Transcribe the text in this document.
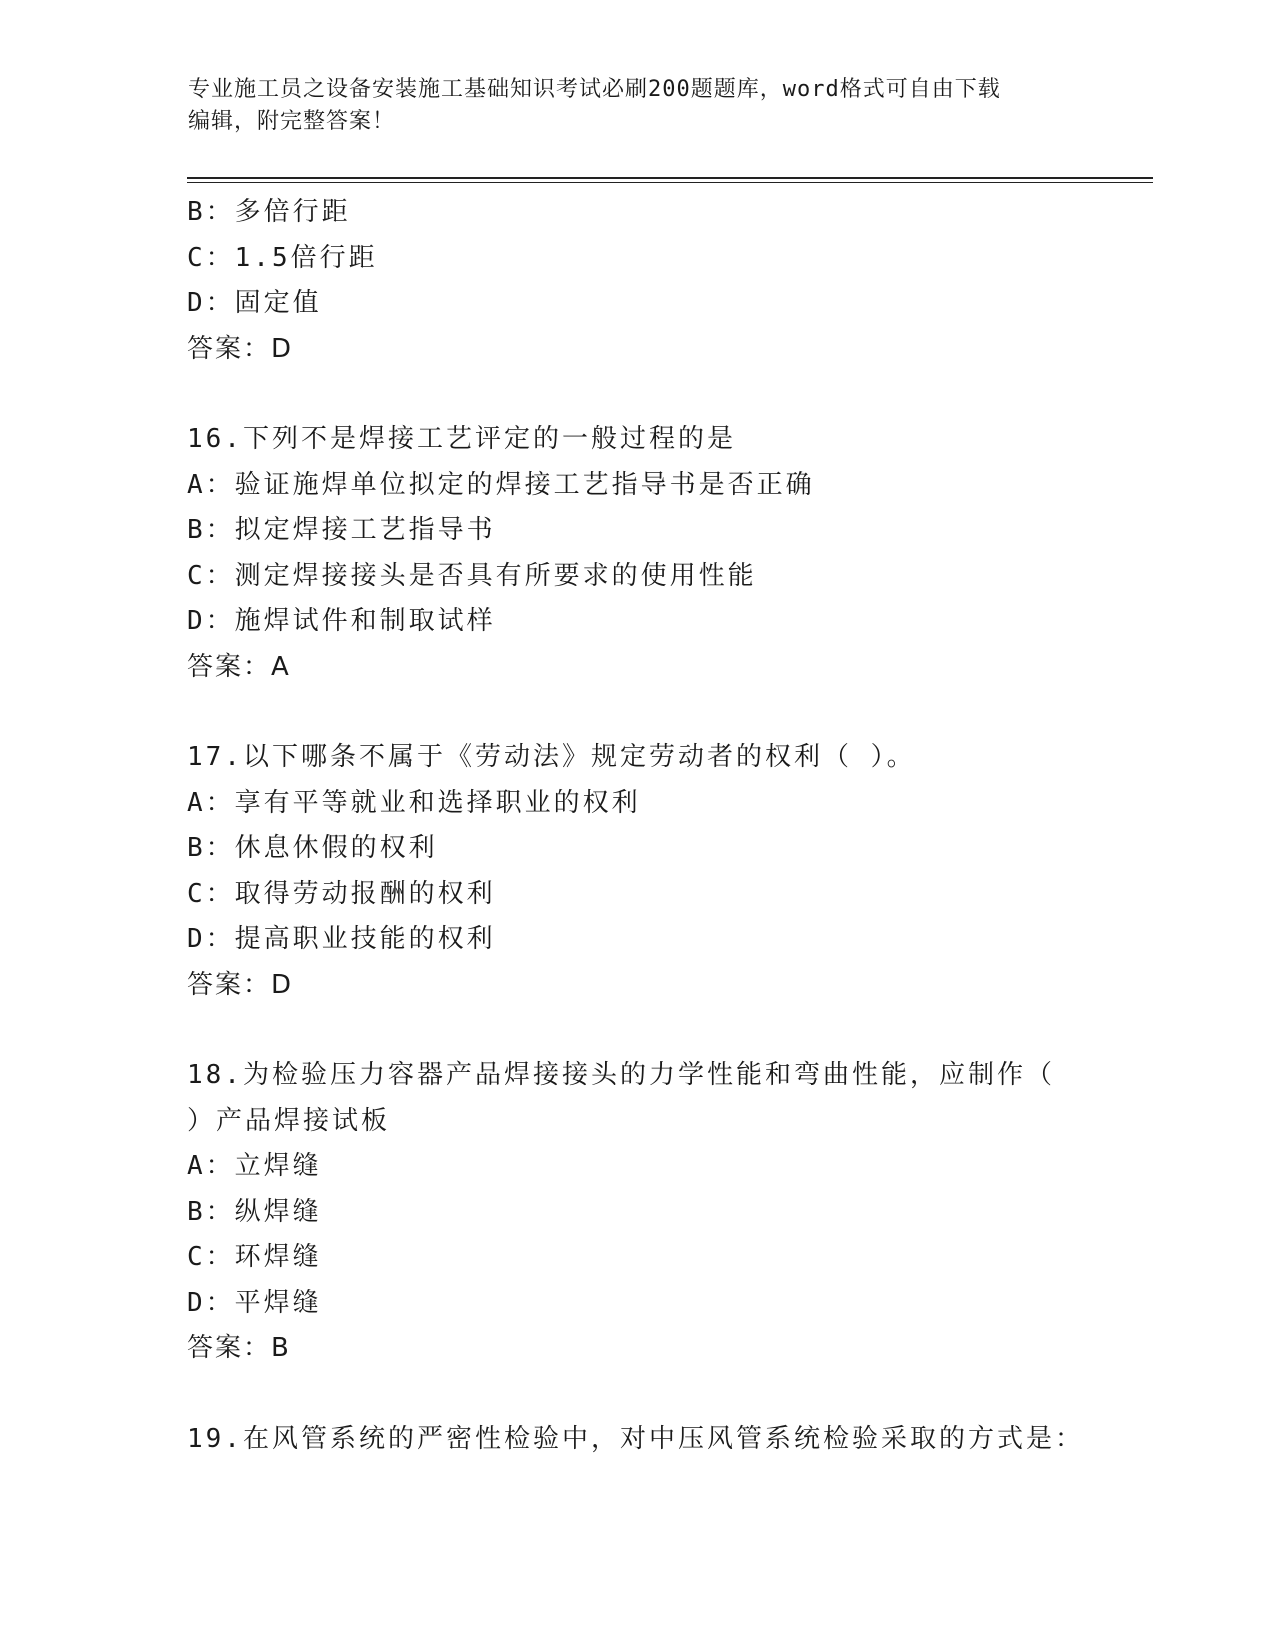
专业施工员之设备安装施工基础知识考试必刷200题题库，word格式可自由下载
编辑，附完整答案！
B：多倍行距
C：1.5倍行距
D：固定值
答案：D
16.下列不是焊接工艺评定的一般过程的是
A：验证施焊单位拟定的焊接工艺指导书是否正确
B：拟定焊接工艺指导书
C：测定焊接接头是否具有所要求的使用性能
D：施焊试件和制取试样
答案：A
17.以下哪条不属于《劳动法》规定劳动者的权利（ ）。
A：享有平等就业和选择职业的权利
B：休息休假的权利
C：取得劳动报酬的权利
D：提高职业技能的权利
答案：D
18.为检验压力容器产品焊接接头的力学性能和弯曲性能，应制作（
）产品焊接试板
A：立焊缝
B：纵焊缝
C：环焊缝
D：平焊缝
答案：B
19.在风管系统的严密性检验中，对中压风管系统检验采取的方式是：
